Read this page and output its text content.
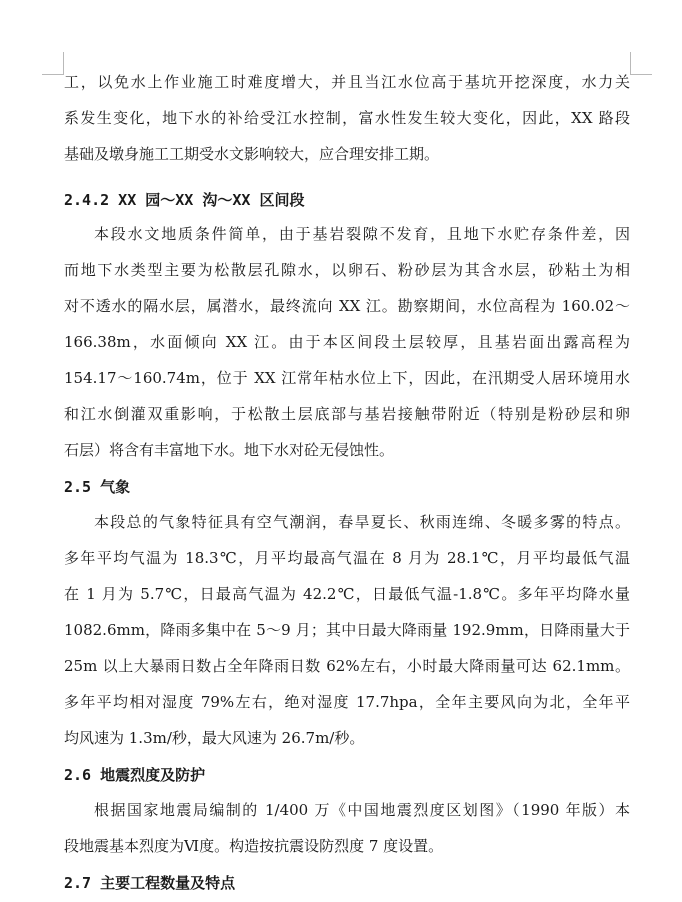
工，以免水上作业施工时难度增大，并且当江水位高于基坑开挖深度，水力关
系发生变化，地下水的补给受江水控制，富水性发生较大变化，因此，XX 路段
基础及墩身施工工期受水文影响较大，应合理安排工期。
2.4.2 XX 园～XX 沟～XX 区间段
本段水文地质条件简单，由于基岩裂隙不发育，且地下水贮存条件差，因
而地下水类型主要为松散层孔隙水，以卵石、粉砂层为其含水层，砂粘土为相
对不透水的隔水层，属潜水，最终流向 XX 江。勘察期间，水位高程为 160.02～
166.38m，水面倾向 XX 江。由于本区间段土层较厚，且基岩面出露高程为
154.17～160.74m，位于 XX 江常年枯水位上下，因此，在汛期受人居环境用水
和江水倒灌双重影响，于松散土层底部与基岩接触带附近（特别是粉砂层和卵
石层）将含有丰富地下水。地下水对砼无侵蚀性。
2.5 气象
本段总的气象特征具有空气潮润，春旱夏长、秋雨连绵、冬暖多雾的特点。
多年平均气温为 18.3℃，月平均最高气温在 8 月为 28.1℃，月平均最低气温
在 1 月为 5.7℃，日最高气温为 42.2℃，日最低气温-1.8℃。多年平均降水量
1082.6mm，降雨多集中在 5～9 月；其中日最大降雨量 192.9mm，日降雨量大于
25m 以上大暴雨日数占全年降雨日数 62%左右，小时最大降雨量可达 62.1mm。
多年平均相对湿度 79%左右，绝对湿度 17.7hpa，全年主要风向为北，全年平
均风速为 1.3m/秒，最大风速为 26.7m/秒。
2.6 地震烈度及防护
根据国家地震局编制的 1/400 万《中国地震烈度区划图》（1990 年版）本
段地震基本烈度为Ⅵ度。构造按抗震设防烈度 7 度设置。
2.7 主要工程数量及特点
